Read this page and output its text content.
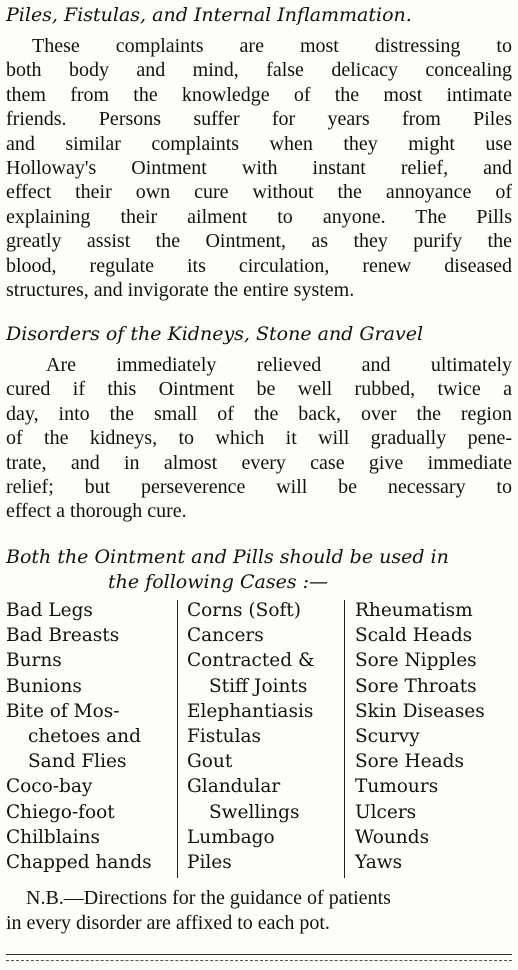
Piles, Fistulas, and Internal Inflammation.
These complaints are most distressing to
both body and mind, false delicacy concealing
them from the knowledge of the most intimate
friends. Persons suffer for years from Piles
and similar complaints when they might use
Holloway's Ointment with instant relief, and
effect their own cure without the annoyance of
explaining their ailment to anyone. The Pills
greatly assist the Ointment, as they purify the
blood, regulate its circulation, renew diseased
structures, and invigorate the entire system.
Disorders of the Kidneys, Stone and Gravel
Are immediately relieved and ultimately
cured if this Ointment be well rubbed, twice a
day, into the small of the back, over the region
of the kidneys, to which it will gradually pene-
trate, and in almost every case give immediate
relief; but perseverence will be necessary to
effect a thorough cure.
Both the Ointment and Pills should be used in
the following Cases :—
Bad Legs
Bad Breasts
Burns
Bunions
Bite of Mos-
chetoes and
Sand Flies
Coco-bay
Chiego-foot
Chilblains
Chapped hands
Corns (Soft)
Cancers
Contracted &
Stiff Joints
Elephantiasis
Fistulas
Gout
Glandular
Swellings
Lumbago
Piles
Rheumatism
Scald Heads
Sore Nipples
Sore Throats
Skin Diseases
Scurvy
Sore Heads
Tumours
Ulcers
Wounds
Yaws
N.B.—Directions for the guidance of patients
in every disorder are affixed to each pot.
